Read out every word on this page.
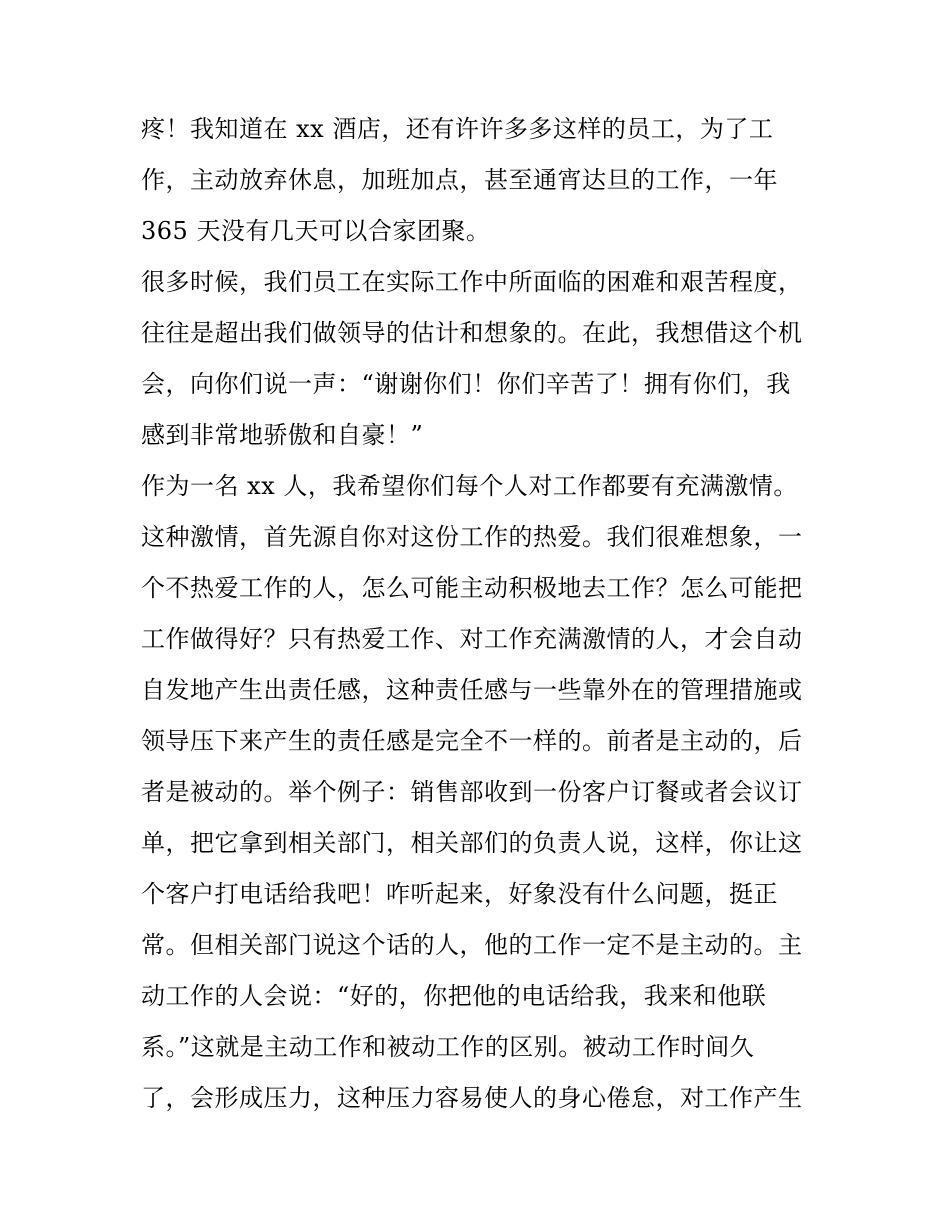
疼！我知道在 xx 酒店，还有许许多多这样的员工，为了工
作，主动放弃休息，加班加点，甚至通宵达旦的工作，一年
365 天没有几天可以合家团聚。
很多时候，我们员工在实际工作中所面临的困难和艰苦程度，
往往是超出我们做领导的估计和想象的。在此，我想借这个机
会，向你们说一声：“谢谢你们！你们辛苦了！拥有你们，我
感到非常地骄傲和自豪！”
作为一名 xx 人，我希望你们每个人对工作都要有充满激情。
这种激情，首先源自你对这份工作的热爱。我们很难想象，一
个不热爱工作的人，怎么可能主动积极地去工作？怎么可能把
工作做得好？只有热爱工作、对工作充满激情的人，才会自动
自发地产生出责任感，这种责任感与一些靠外在的管理措施或
领导压下来产生的责任感是完全不一样的。前者是主动的，后
者是被动的。举个例子：销售部收到一份客户订餐或者会议订
单，把它拿到相关部门，相关部们的负责人说，这样，你让这
个客户打电话给我吧！咋听起来，好象没有什么问题，挺正
常。但相关部门说这个话的人，他的工作一定不是主动的。主
动工作的人会说：“好的，你把他的电话给我，我来和他联
系。”这就是主动工作和被动工作的区别。被动工作时间久
了，会形成压力，这种压力容易使人的身心倦怠，对工作产生
